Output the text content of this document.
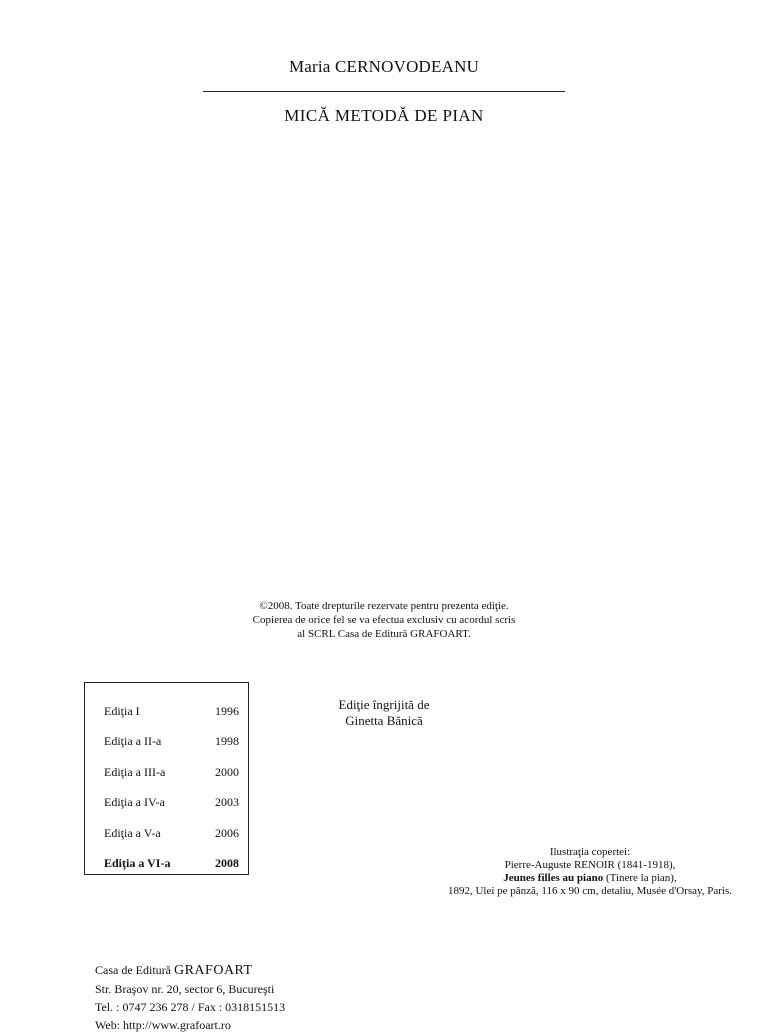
Maria CERNOVODEANU
MICĂ METODĂ DE PIAN
©2008. Toate drepturile rezervate pentru prezenta ediţie.
Copierea de orice fel se va efectua exclusiv cu acordul scris
al SCRL Casa de Editură GRAFOART.
Ediţia I	1996
Ediţia a II-a	1998
Ediţia a III-a	2000
Ediţia a IV-a	2003
Ediţia a V-a	2006
Ediţia a VI-a	2008
Ediţie îngrijită de
Ginetta Bănică
Ilustraţia copertei:
Pierre-Auguste RENOIR (1841-1918),
Jeunes filles au piano (Tinere la pian),
1892, Ulei pe pânză, 116 x 90 cm, detaliu, Musée d'Orsay, Paris.
Casa de Editură GRAFOART
Str. Braşov nr. 20, sector 6, Bucureşti
Tel. : 0747 236 278 / Fax : 0318151513
Web: http://www.grafoart.ro
